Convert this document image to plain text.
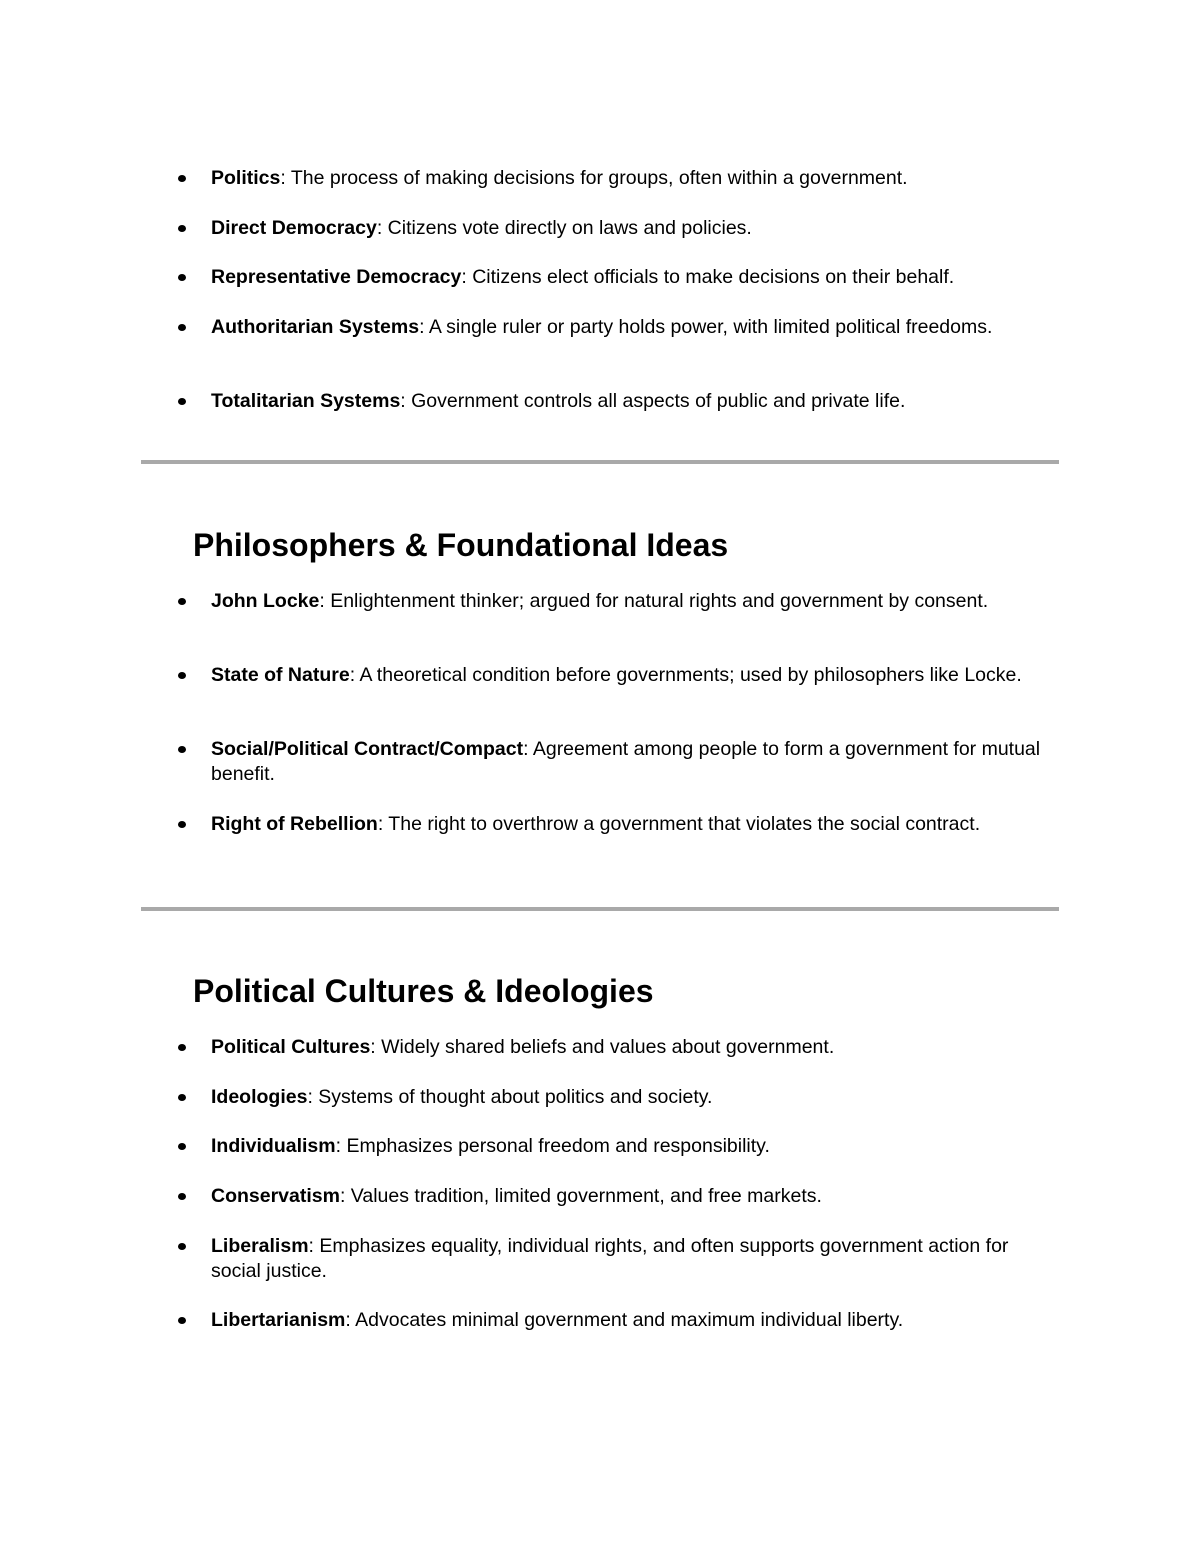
Politics: The process of making decisions for groups, often within a government.
Direct Democracy: Citizens vote directly on laws and policies.
Representative Democracy: Citizens elect officials to make decisions on their behalf.
Authoritarian Systems: A single ruler or party holds power, with limited political freedoms.
Totalitarian Systems: Government controls all aspects of public and private life.
Philosophers & Foundational Ideas
John Locke: Enlightenment thinker; argued for natural rights and government by consent.
State of Nature: A theoretical condition before governments; used by philosophers like Locke.
Social/Political Contract/Compact: Agreement among people to form a government for mutual benefit.
Right of Rebellion: The right to overthrow a government that violates the social contract.
Political Cultures & Ideologies
Political Cultures: Widely shared beliefs and values about government.
Ideologies: Systems of thought about politics and society.
Individualism: Emphasizes personal freedom and responsibility.
Conservatism: Values tradition, limited government, and free markets.
Liberalism: Emphasizes equality, individual rights, and often supports government action for social justice.
Libertarianism: Advocates minimal government and maximum individual liberty.
